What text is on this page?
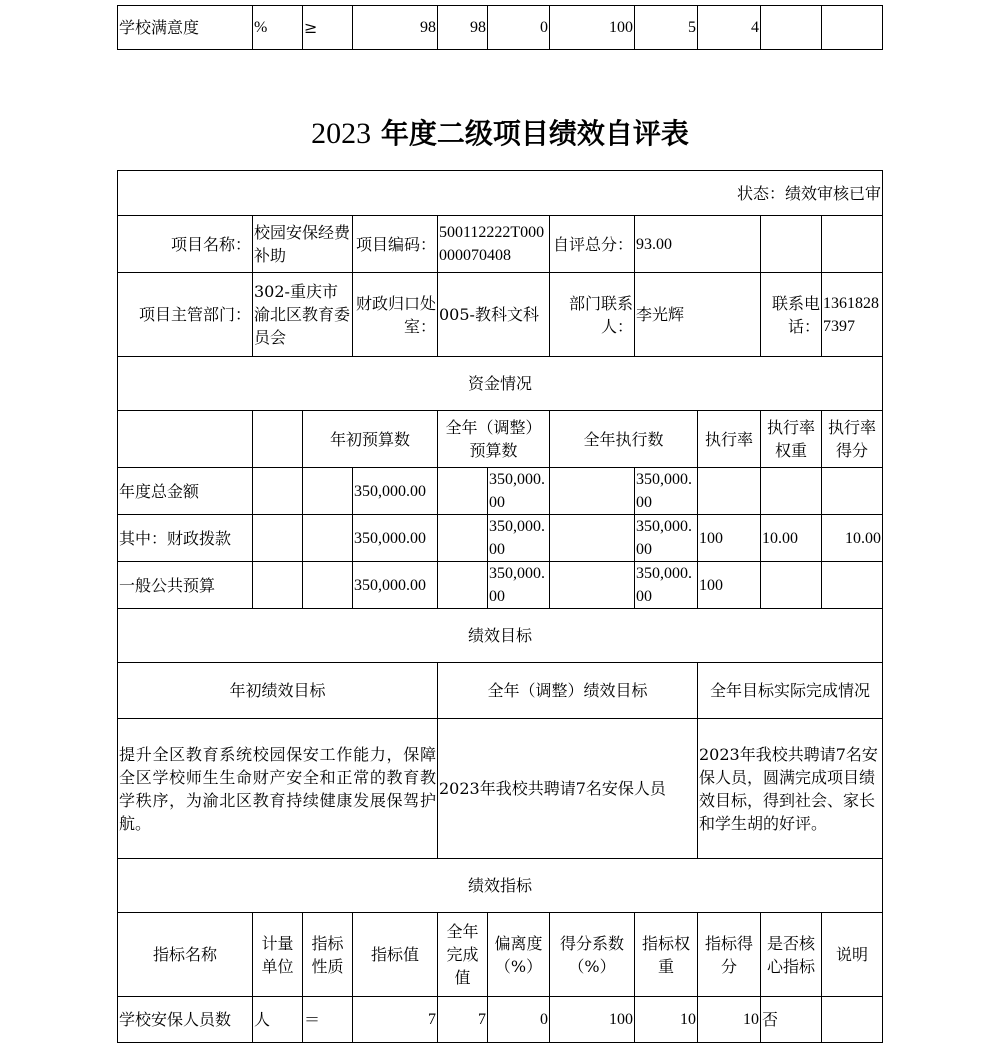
学校满意度	%	≥	98	98	0	100	5	4		
2023 年度二级项目绩效自评表
状态：绩效审核已审										
项目名称：	校园安保经费补助		项目编码：	500112222T000000070408		自评总分：	93.00			
项目主管部门：	302-重庆市渝北区教育委员会		财政归口处室：	005-教科文科		部门联系人：	李光辉		联系电话：	13618287397
资金情况										
		年初预算数		全年（调整）预算数		全年执行数		执行率	执行率权重	执行率得分
年度总金额			350,000.00		350,000.00		350,000.00			
其中：财政拨款			350,000.00		350,000.00		350,000.00	100	10.00	10.00
一般公共预算			350,000.00		350,000.00		350,000.00	100		
绩效目标										
年初绩效目标				全年（调整）绩效目标				全年目标实际完成情况		
提升全区教育系统校园保安工作能力，保障全区学校师生生命财产安全和正常的教育教学秩序，为渝北区教育持续健康发展保驾护航。				2023年我校共聘请7名安保人员				2023年我校共聘请7名安保人员，圆满完成项目绩效目标，得到社会、家长和学生胡的好评。		
绩效指标										
指标名称	计量单位	指标性质	指标值	全年完成值	偏离度（%）	得分系数（%）	指标权重	指标得分	是否核心指标	说明
学校安保人员数	人	＝	7	7	0	100	10	10	否	
